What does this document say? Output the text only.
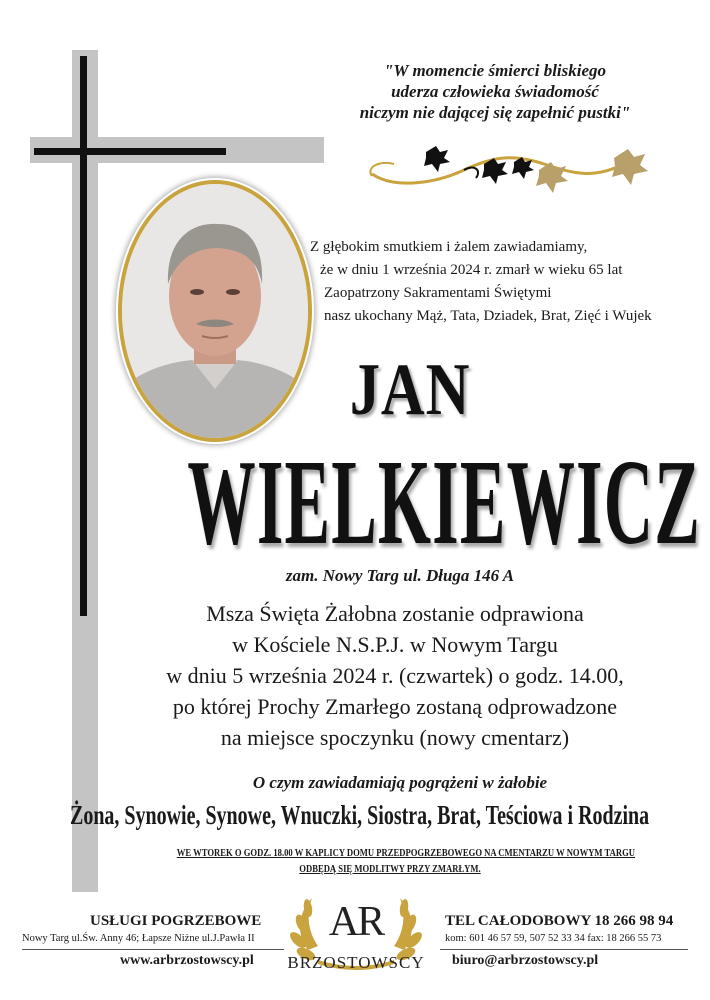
"W momencie śmierci bliskiego
uderza człowieka świadomość
niczym nie dającej się zapełnić pustki"
Z głębokim smutkiem i żalem zawiadamiamy,
że w dniu 1 września 2024 r. zmarł w wieku 65 lat
Zaopatrzony Sakramentami Świętymi
nasz ukochany Mąż, Tata, Dziadek, Brat, Zięć i Wujek
JAN
WIELKIEWICZ
zam. Nowy Targ ul. Długa 146 A
Msza Święta Żałobna zostanie odprawiona
w Kościele N.S.P.J. w Nowym Targu
w dniu 5 września 2024 r. (czwartek) o godz. 14.00,
po której Prochy Zmarłego zostaną odprowadzone
na miejsce spoczynku (nowy cmentarz)
O czym zawiadamiają pogrążeni w żałobie
Żona, Synowie, Synowe, Wnuczki, Siostra, Brat, Teściowa i Rodzina
WE WTOREK O GODZ. 18.00 W KAPLICY DOMU PRZEDPOGRZEBOWEGO NA CMENTARZU W NOWYM TARGU
ODBĘDĄ SIĘ MODLITWY PRZY ZMARŁYM.
USŁUGI POGRZEBOWE
Nowy Targ ul.Św. Anny 46; Łapsze Niżne ul.J.Pawła II
www.arbrzostowscy.pl
AR
BRZOSTOWSCY
TEL CAŁODOBOWY 18 266 98 94
kom: 601 46 57 59, 507 52 33 34 fax: 18 266 55 73
biuro@arbrzostowscy.pl
